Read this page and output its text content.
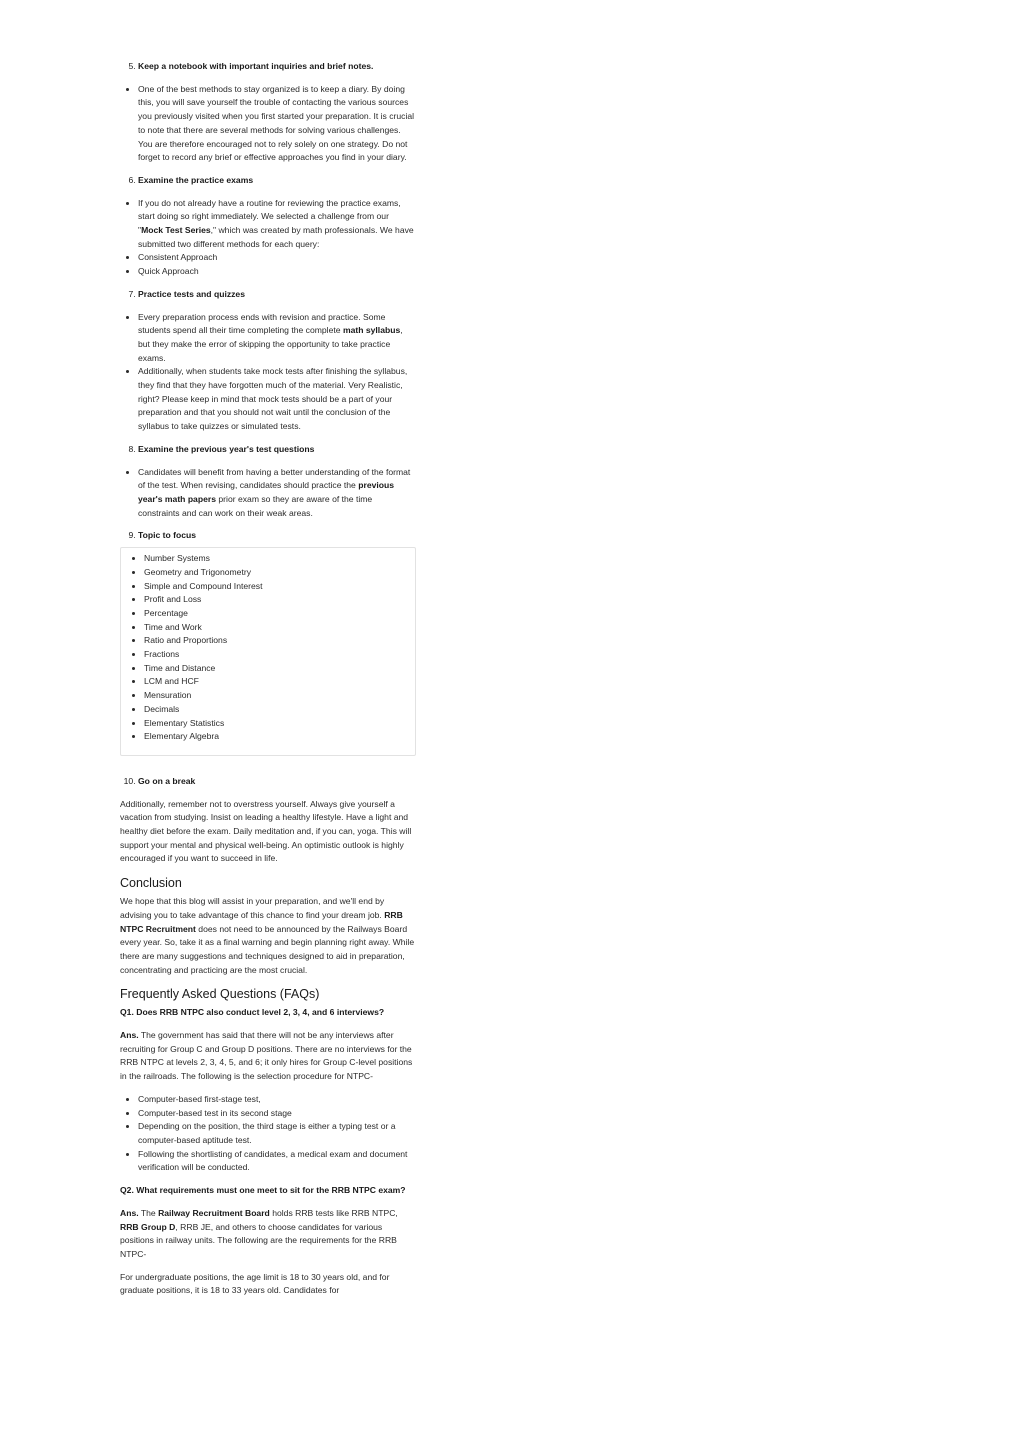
5. Keep a notebook with important inquiries and brief notes.
• One of the best methods to stay organized is to keep a diary. By doing this, you will save yourself the trouble of contacting the various sources you previously visited when you first started your preparation. It is crucial to note that there are several methods for solving various challenges. You are therefore encouraged not to rely solely on one strategy. Do not forget to record any brief or effective approaches you find in your diary.
6. Examine the practice exams
• If you do not already have a routine for reviewing the practice exams, start doing so right immediately. We selected a challenge from our "Mock Test Series," which was created by math professionals. We have submitted two different methods for each query:
• Consistent Approach
• Quick Approach
7. Practice tests and quizzes
• Every preparation process ends with revision and practice. Some students spend all their time completing the complete math syllabus, but they make the error of skipping the opportunity to take practice exams.
• Additionally, when students take mock tests after finishing the syllabus, they find that they have forgotten much of the material. Very Realistic, right? Please keep in mind that mock tests should be a part of your preparation and that you should not wait until the conclusion of the syllabus to take quizzes or simulated tests.
8. Examine the previous year's test questions
• Candidates will benefit from having a better understanding of the format of the test. When revising, candidates should practice the previous year's math papers prior exam so they are aware of the time constraints and can work on their weak areas.
9. Topic to focus
• Number Systems
• Geometry and Trigonometry
• Simple and Compound Interest
• Profit and Loss
• Percentage
• Time and Work
• Ratio and Proportions
• Fractions
• Time and Distance
• LCM and HCF
• Mensuration
• Decimals
• Elementary Statistics
• Elementary Algebra
10. Go on a break

Additionally, remember not to overstress yourself. Always give yourself a vacation from studying. Insist on leading a healthy lifestyle. Have a light and healthy diet before the exam. Daily meditation and, if you can, yoga. This will support your mental and physical well-being. An optimistic outlook is highly encouraged if you want to succeed in life.

Conclusion

We hope that this blog will assist in your preparation, and we'll end by advising you to take advantage of this chance to find your dream job. RRB NTPC Recruitment does not need to be announced by the Railways Board every year. So, take it as a final warning and begin planning right away. While there are many suggestions and techniques designed to aid in preparation, concentrating and practicing are the most crucial.

Frequently Asked Questions (FAQs)

Q1. Does RRB NTPC also conduct level 2, 3, 4, and 6 interviews?

Ans. The government has said that there will not be any interviews after recruiting for Group C and Group D positions. There are no interviews for the RRB NTPC at levels 2, 3, 4, 5, and 6; it only hires for Group C-level positions in the railroads. The following is the selection procedure for NTPC-

• Computer-based first-stage test,
• Computer-based test in its second stage
• Depending on the position, the third stage is either a typing test or a computer-based aptitude test.
• Following the shortlisting of candidates, a medical exam and document verification will be conducted.

Q2. What requirements must one meet to sit for the RRB NTPC exam?

Ans. The Railway Recruitment Board holds RRB tests like RRB NTPC, RRB Group D, RRB JE, and others to choose candidates for various positions in railway units. The following are the requirements for the RRB NTPC-

For undergraduate positions, the age limit is 18 to 30 years old, and for graduate positions, it is 18 to 33 years old. Candidates for
